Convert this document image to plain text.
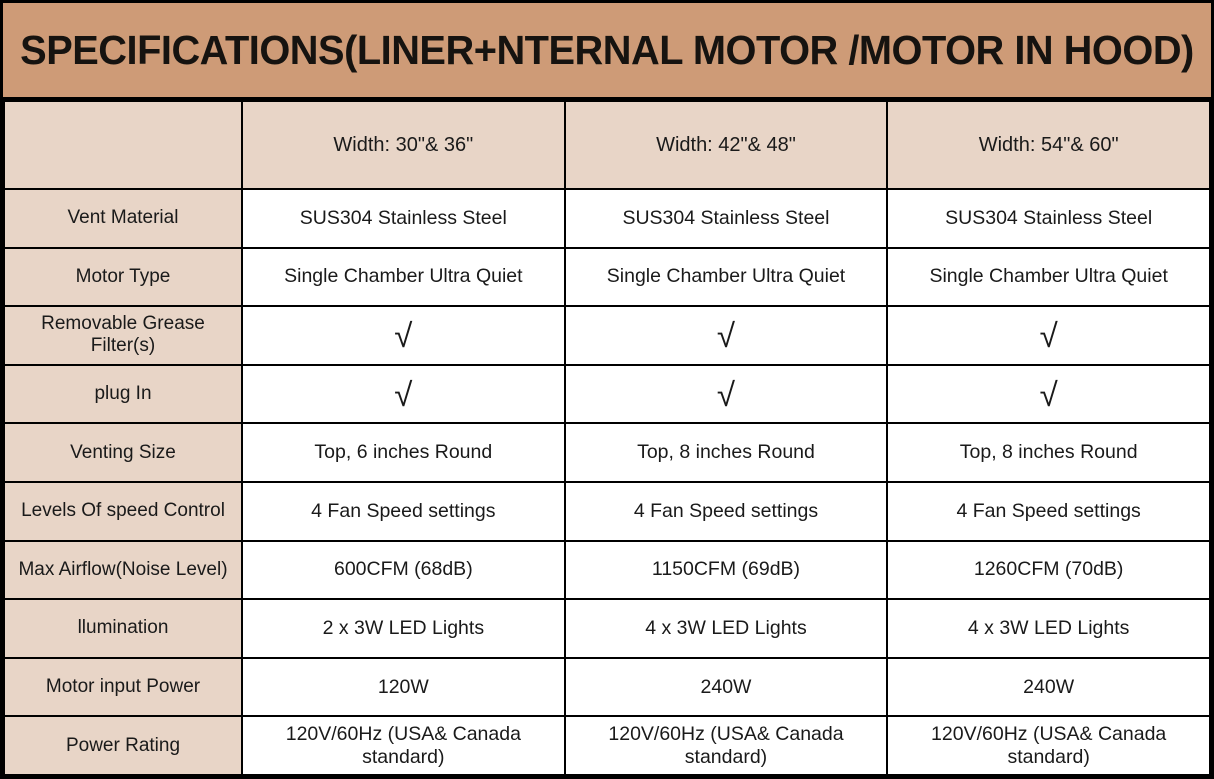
SPECIFICATIONS(LINER+NTERNAL MOTOR /MOTOR IN HOOD)
	Width: 30"& 36"	Width: 42"& 48"	Width: 54"& 60"
Vent Material	SUS304 Stainless Steel	SUS304 Stainless Steel	SUS304 Stainless Steel
Motor Type	Single Chamber Ultra Quiet	Single Chamber Ultra Quiet	Single Chamber Ultra Quiet
Removable Grease Filter(s)	√	√	√
plug In	√	√	√
Venting Size	Top, 6 inches Round	Top, 8 inches Round	Top, 8 inches Round
Levels Of speed Control	4 Fan Speed settings	4 Fan Speed settings	4 Fan Speed settings
Max Airflow(Noise Level)	600CFM (68dB)	1150CFM (69dB)	1260CFM (70dB)
llumination	2 x 3W LED Lights	4 x 3W LED Lights	4 x 3W LED Lights
Motor input Power	120W	240W	240W
Power Rating	120V/60Hz (USA& Canada standard)	120V/60Hz (USA& Canada standard)	120V/60Hz (USA& Canada standard)
